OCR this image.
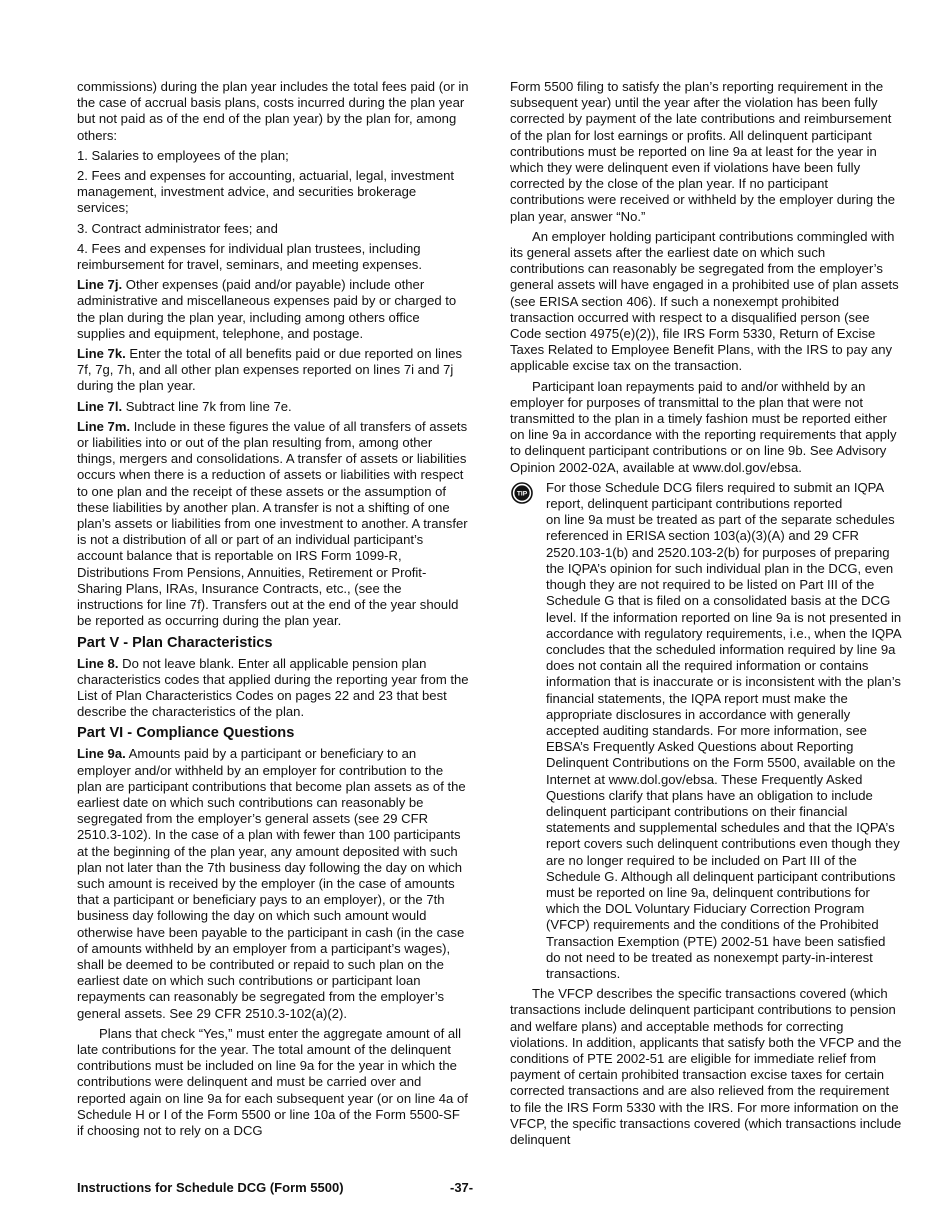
commissions) during the plan year includes the total fees paid (or in the case of accrual basis plans, costs incurred during the plan year but not paid as of the end of the plan year) by the plan for, among others:

1. Salaries to employees of the plan;

2. Fees and expenses for accounting, actuarial, legal, investment management, investment advice, and securities brokerage services;

3. Contract administrator fees; and

4. Fees and expenses for individual plan trustees, including reimbursement for travel, seminars, and meeting expenses.

Line 7j. Other expenses (paid and/or payable) include other administrative and miscellaneous expenses paid by or charged to the plan during the plan year, including among others office supplies and equipment, telephone, and postage.

Line 7k. Enter the total of all benefits paid or due reported on lines 7f, 7g, 7h, and all other plan expenses reported on lines 7i and 7j during the plan year.

Line 7l. Subtract line 7k from line 7e.

Line 7m. Include in these figures the value of all transfers of assets or liabilities into or out of the plan resulting from, among other things, mergers and consolidations. A transfer of assets or liabilities occurs when there is a reduction of assets or liabilities with respect to one plan and the receipt of these assets or the assumption of these liabilities by another plan. A transfer is not a shifting of one plan’s assets or liabilities from one investment to another. A transfer is not a distribution of all or part of an individual participant’s account balance that is reportable on IRS Form 1099-R, Distributions From Pensions, Annuities, Retirement or Profit-Sharing Plans, IRAs, Insurance Contracts, etc., (see the instructions for line 7f). Transfers out at the end of the year should be reported as occurring during the plan year.

Part V - Plan Characteristics

Line 8. Do not leave blank. Enter all applicable pension plan characteristics codes that applied during the reporting year from the List of Plan Characteristics Codes on pages 22 and 23 that best describe the characteristics of the plan.

Part VI - Compliance Questions

Line 9a. Amounts paid by a participant or beneficiary to an employer and/or withheld by an employer for contribution to the plan are participant contributions that become plan assets as of the earliest date on which such contributions can reasonably be segregated from the employer’s general assets (see 29 CFR 2510.3-102). In the case of a plan with fewer than 100 participants at the beginning of the plan year, any amount deposited with such plan not later than the 7th business day following the day on which such amount is received by the employer (in the case of amounts that a participant or beneficiary pays to an employer), or the 7th business day following the day on which such amount would otherwise have been payable to the participant in cash (in the case of amounts withheld by an employer from a participant’s wages), shall be deemed to be contributed or repaid to such plan on the earliest date on which such contributions or participant loan repayments can reasonably be segregated from the employer’s general assets. See 29 CFR 2510.3-102(a)(2).

Plans that check “Yes,” must enter the aggregate amount of all late contributions for the year. The total amount of the delinquent contributions must be included on line 9a for the year in which the contributions were delinquent and must be carried over and reported again on line 9a for each subsequent year (or on line 4a of Schedule H or I of the Form 5500 or line 10a of the Form 5500-SF if choosing not to rely on a DCG

Form 5500 filing to satisfy the plan’s reporting requirement in the subsequent year) until the year after the violation has been fully corrected by payment of the late contributions and reimbursement of the plan for lost earnings or profits. All delinquent participant contributions must be reported on line 9a at least for the year in which they were delinquent even if violations have been fully corrected by the close of the plan year. If no participant contributions were received or withheld by the employer during the plan year, answer “No.”

An employer holding participant contributions commingled with its general assets after the earliest date on which such contributions can reasonably be segregated from the employer’s general assets will have engaged in a prohibited use of plan assets (see ERISA section 406). If such a nonexempt prohibited transaction occurred with respect to a disqualified person (see Code section 4975(e)(2)), file IRS Form 5330, Return of Excise Taxes Related to Employee Benefit Plans, with the IRS to pay any applicable excise tax on the transaction.

Participant loan repayments paid to and/or withheld by an employer for purposes of transmittal to the plan that were not transmitted to the plan in a timely fashion must be reported either on line 9a in accordance with the reporting requirements that apply to delinquent participant contributions or on line 9b. See Advisory Opinion 2002-02A, available at www.dol.gov/ebsa.

TIP For those Schedule DCG filers required to submit an IQPA report, delinquent participant contributions reported

on line 9a must be treated as part of the separate schedules referenced in ERISA section 103(a)(3)(A) and 29 CFR 2520.103-1(b) and 2520.103-2(b) for purposes of preparing the IQPA’s opinion for such individual plan in the DCG, even though they are not required to be listed on Part III of the Schedule G that is filed on a consolidated basis at the DCG level. If the information reported on line 9a is not presented in accordance with regulatory requirements, i.e., when the IQPA concludes that the scheduled information required by line 9a does not contain all the required information or contains information that is inaccurate or is inconsistent with the plan’s financial statements, the IQPA report must make the appropriate disclosures in accordance with generally accepted auditing standards. For more information, see EBSA’s Frequently Asked Questions about Reporting Delinquent Contributions on the Form 5500, available on the Internet at www.dol.gov/ebsa. These Frequently Asked Questions clarify that plans have an obligation to include delinquent participant contributions on their financial statements and supplemental schedules and that the IQPA’s report covers such delinquent contributions even though they are no longer required to be included on Part III of the Schedule G. Although all delinquent participant contributions must be reported on line 9a, delinquent contributions for which the DOL Voluntary Fiduciary Correction Program (VFCP) requirements and the conditions of the Prohibited Transaction Exemption (PTE) 2002-51 have been satisfied do not need to be treated as nonexempt party-in-interest transactions.

The VFCP describes the specific transactions covered (which transactions include delinquent participant contributions to pension and welfare plans) and acceptable methods for correcting violations. In addition, applicants that satisfy both the VFCP and the conditions of PTE 2002-51 are eligible for immediate relief from payment of certain prohibited transaction excise taxes for certain corrected transactions and are also relieved from the requirement to file the IRS Form 5330 with the IRS. For more information on the VFCP, the specific transactions covered (which transactions include delinquent

Instructions for Schedule DCG (Form 5500)	-37-
